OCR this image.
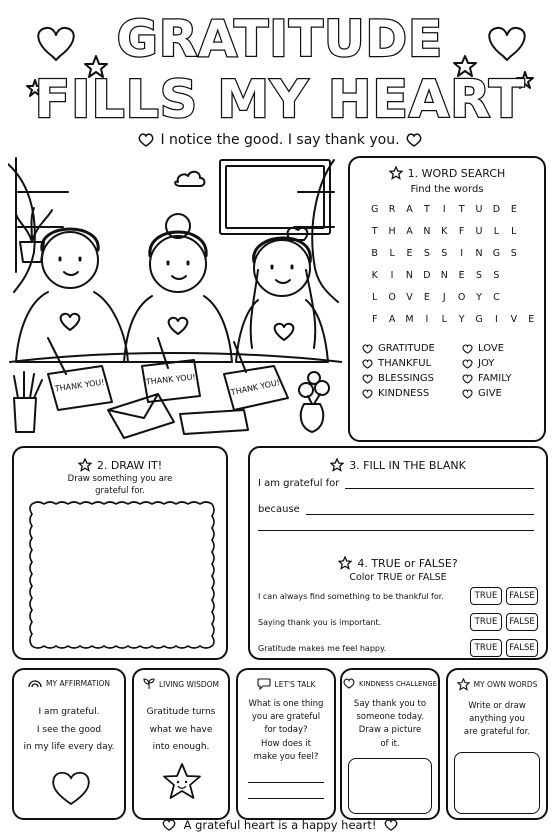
GRATITUDE
FILLS MY HEART
I notice the good. I say thank you.
THANK YOU!	THANK YOU!	THANK YOU!
1. WORD SEARCH
Find the words
G	R	A	T	I	T	U	D	E
T	H	A	N	K	F	U	L	L
B	L	E	S	S	I	N	G	S
K	I	N	D	N	E	S	S
L	O	V	E	J	O	Y	C
F	A	M	I	L	Y	G	I	V	E
GRATITUDE	LOVE
THANKFUL	JOY
BLESSINGS	FAMILY
KINDNESS	GIVE
2. DRAW IT!
Draw something you are
grateful for.
3. FILL IN THE BLANK
I am grateful for
because
4. TRUE or FALSE?
Color TRUE or FALSE
I can always find something to be thankful for.	TRUE	FALSE
Saying thank you is important.	TRUE	FALSE
Gratitude makes me feel happy.	TRUE	FALSE
MY AFFIRMATION
I am grateful.
I see the good
in my life every day.
LIVING WISDOM
Gratitude turns
what we have
into enough.
LET'S TALK
What is one thing
you are grateful
for today?
How does it
make you feel?
KINDNESS CHALLENGE
Say thank you to
someone today.
Draw a picture
of it.
MY OWN WORDS
Write or draw
anything you
are grateful for.
A grateful heart is a happy heart!
